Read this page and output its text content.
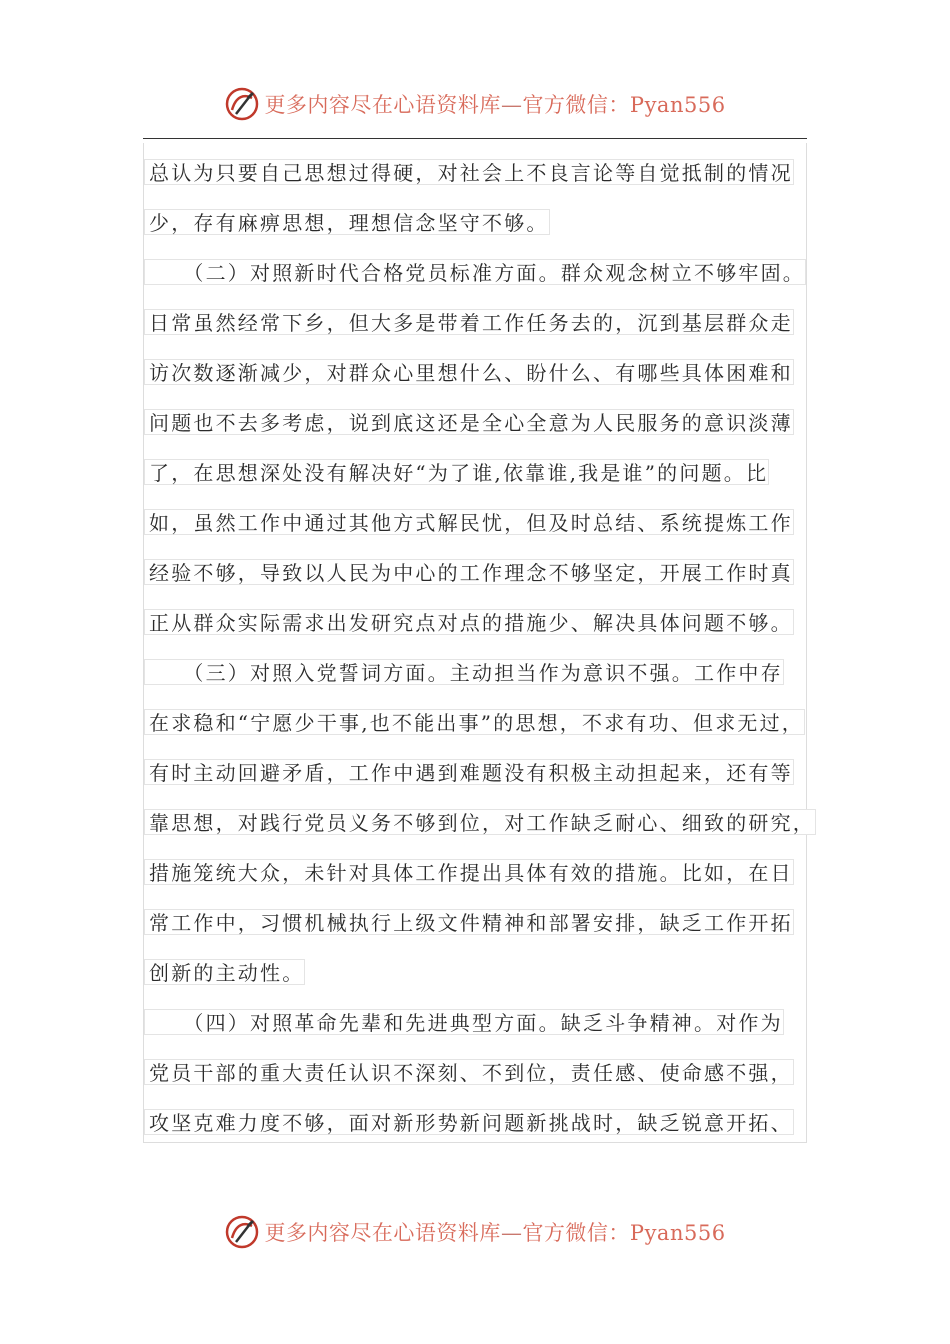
更多内容尽在心语资料库—官方微信：Pyan556
总认为只要自己思想过得硬，对社会上不良言论等自觉抵制的情况
少，存有麻痹思想，理想信念坚守不够。
　　（二）对照新时代合格党员标准方面。群众观念树立不够牢固。
日常虽然经常下乡，但大多是带着工作任务去的，沉到基层群众走
访次数逐渐减少，对群众心里想什么、盼什么、有哪些具体困难和
问题也不去多考虑，说到底这还是全心全意为人民服务的意识淡薄
了，在思想深处没有解决好“为了谁,依靠谁,我是谁”的问题。比
如，虽然工作中通过其他方式解民忧，但及时总结、系统提炼工作
经验不够，导致以人民为中心的工作理念不够坚定，开展工作时真
正从群众实际需求出发研究点对点的措施少、解决具体问题不够。
　　（三）对照入党誓词方面。主动担当作为意识不强。工作中存
在求稳和“宁愿少干事,也不能出事”的思想，不求有功、但求无过，
有时主动回避矛盾，工作中遇到难题没有积极主动担起来，还有等
靠思想，对践行党员义务不够到位，对工作缺乏耐心、细致的研究，
措施笼统大众，未针对具体工作提出具体有效的措施。比如，在日
常工作中，习惯机械执行上级文件精神和部署安排，缺乏工作开拓
创新的主动性。
　　（四）对照革命先辈和先进典型方面。缺乏斗争精神。对作为
党员干部的重大责任认识不深刻、不到位，责任感、使命感不强，
攻坚克难力度不够，面对新形势新问题新挑战时，缺乏锐意开拓、
更多内容尽在心语资料库—官方微信：Pyan556
